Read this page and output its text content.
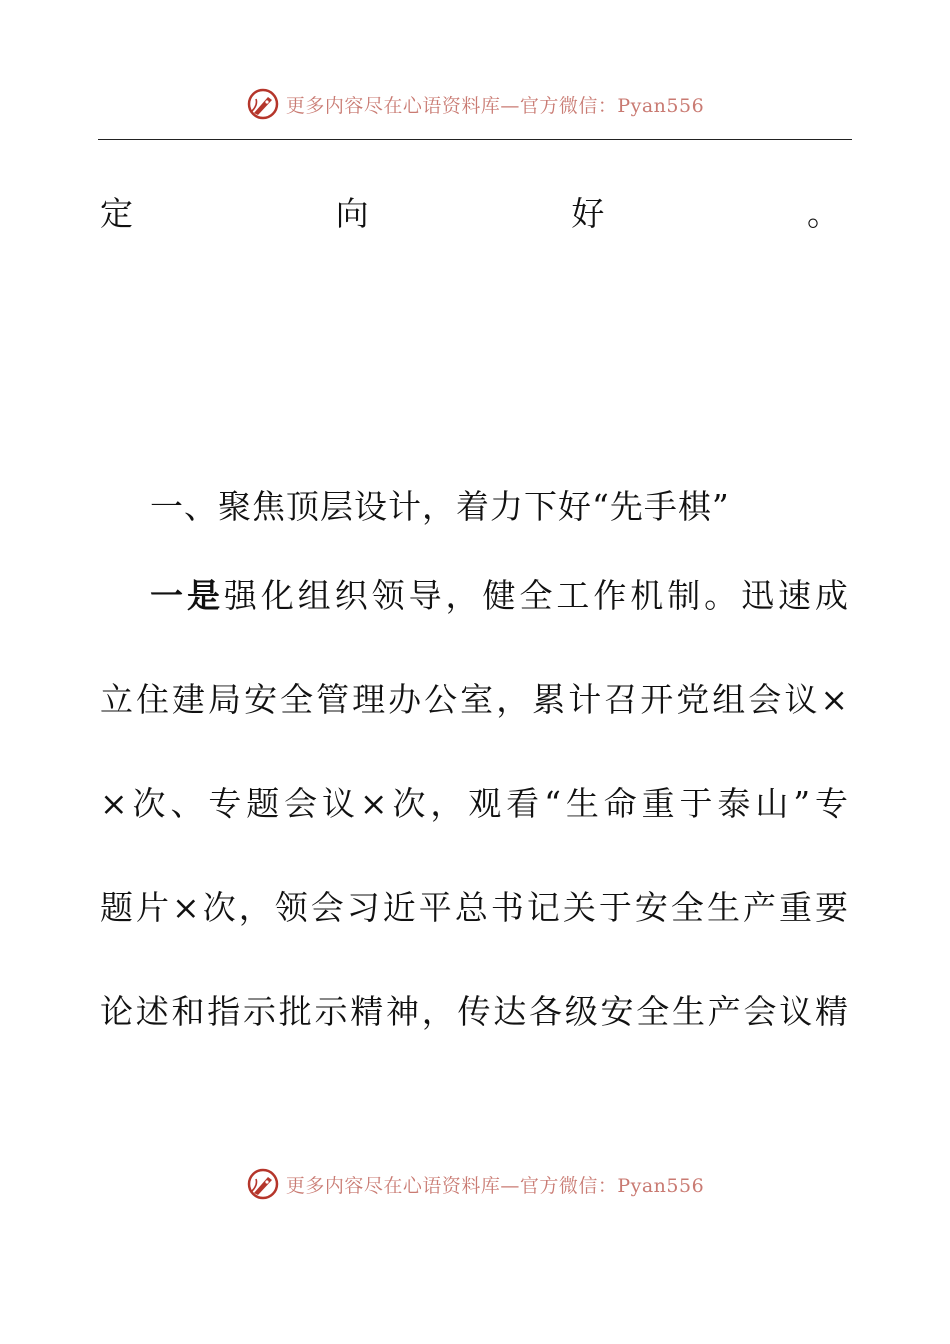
更多内容尽在心语资料库—官方微信：Pyan556
定	向	好	。
一、聚焦顶层设计，着力下好“先手棋”
一是强化组织领导，健全工作机制。迅速成
立住建局安全管理办公室，累计召开党组会议×
×次、专题会议×次，观看“生命重于泰山”专
题片×次，领会习近平总书记关于安全生产重要
论述和指示批示精神，传达各级安全生产会议精
更多内容尽在心语资料库—官方微信：Pyan556
